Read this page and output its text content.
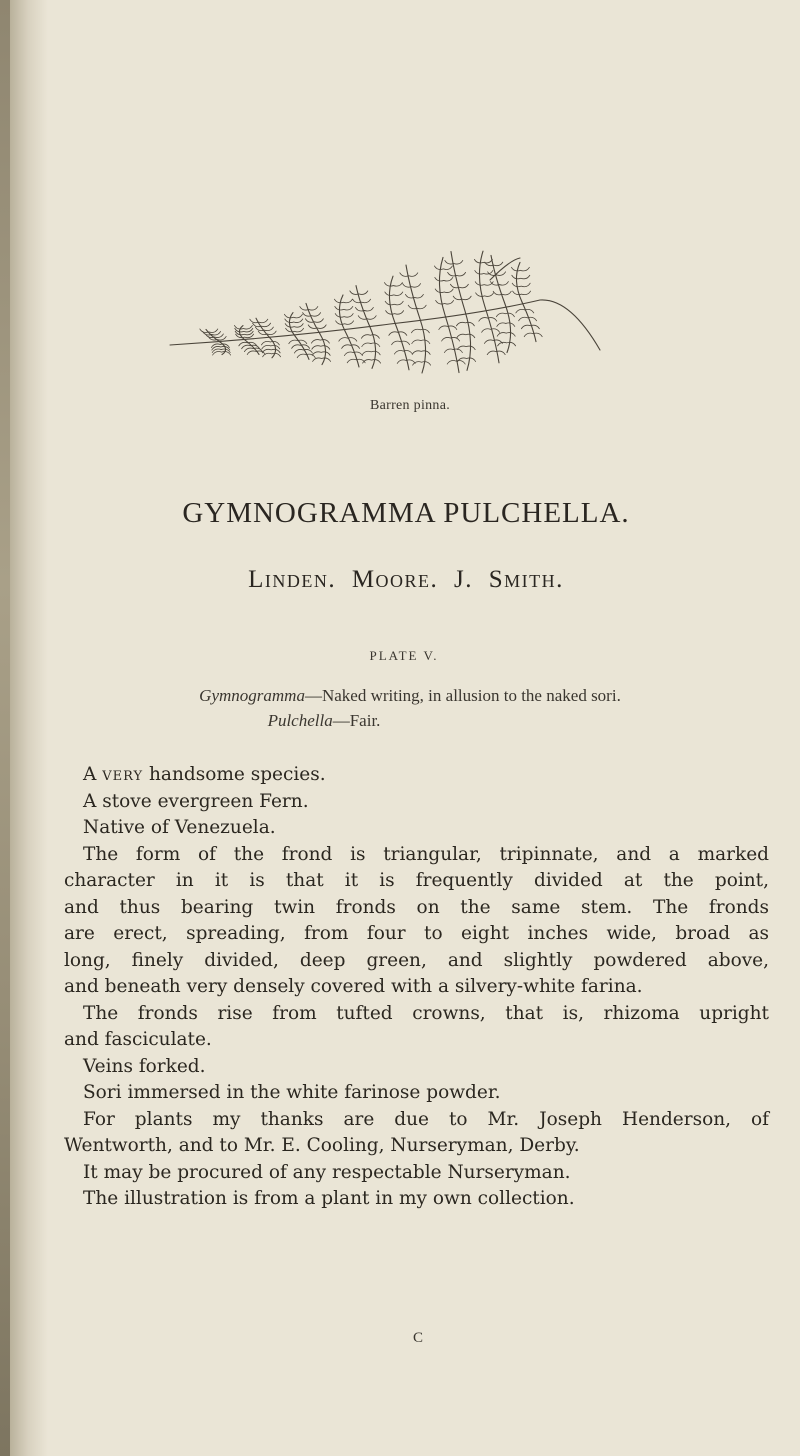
Barren pinna.
GYMNOGRAMMA PULCHELLA.
Linden. Moore. J. Smith.
PLATE V.
Gymnogramma—Naked writing, in allusion to the naked sori.
Pulchella—Fair.

A very handsome species.

A stove evergreen Fern.

Native of Venezuela.

The form of the frond is triangular, tripinnate, and a marked

character in it is that it is frequently divided at the point,

and thus bearing twin fronds on the same stem. The fronds

are erect, spreading, from four to eight inches wide, broad as

long, finely divided, deep green, and slightly powdered above,

and beneath very densely covered with a silvery-white farina.

The fronds rise from tufted crowns, that is, rhizoma upright

and fasciculate.

Veins forked.

Sori immersed in the white farinose powder.

For plants my thanks are due to Mr. Joseph Henderson, of

Wentworth, and to Mr. E. Cooling, Nurseryman, Derby.

It may be procured of any respectable Nurseryman.

The illustration is from a plant in my own collection.

C
